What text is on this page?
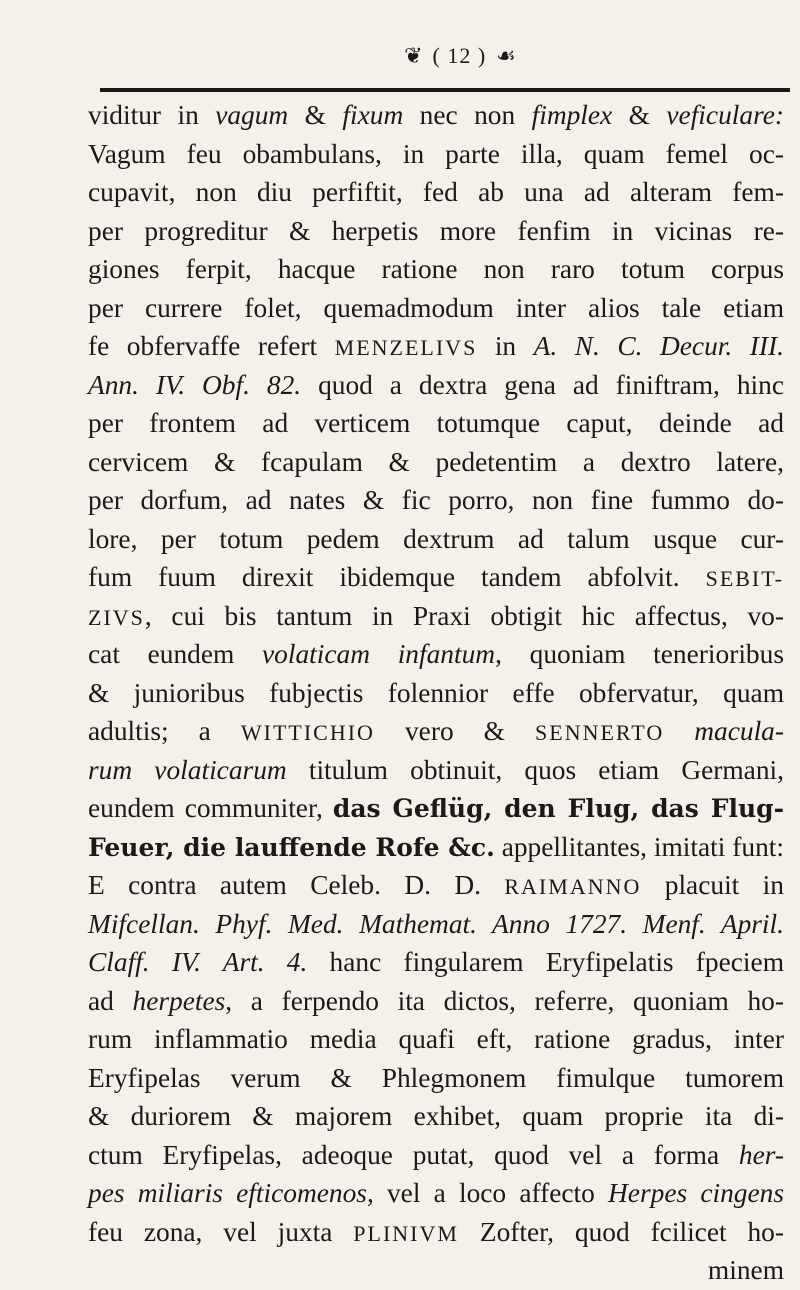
❦ ( 12 ) ☙
viditur in vagum & fixum nec non fimplex & veficulare:
Vagum feu obambulans, in parte illa, quam femel oc-
cupavit, non diu perfiftit, fed ab una ad alteram fem-
per progreditur & herpetis more fenfim in vicinas re-
giones ferpit, hacque ratione non raro totum corpus
per currere folet, quemadmodum inter alios tale etiam
fe obfervaffe refert MENZELIVS in A. N. C. Decur. III.
Ann. IV. Obf. 82. quod a dextra gena ad finiftram, hinc
per frontem ad verticem totumque caput, deinde ad
cervicem & fcapulam & pedetentim a dextro latere,
per dorfum, ad nates & fic porro, non fine fummo do-
lore, per totum pedem dextrum ad talum usque cur-
fum fuum direxit ibidemque tandem abfolvit. SEBIT-
ZIVS, cui bis tantum in Praxi obtigit hic affectus, vo-
cat eundem volaticam infantum, quoniam tenerioribus
& junioribus fubjectis folennior effe obfervatur, quam
adultis; a WITTICHIO vero & SENNERTO macula-
rum volaticarum titulum obtinuit, quos etiam Germani,
eundem communiter, das Geflüg, den Flug, das Flug-
Feuer, die lauffende Rofe &c. appellitantes, imitati funt:
E contra autem Celeb. D. D. RAIMANNO placuit in
Mifcellan. Phyf. Med. Mathemat. Anno 1727. Menf. April.
Claff. IV. Art. 4. hanc fingularem Eryfipelatis fpeciem
ad herpetes, a ferpendo ita dictos, referre, quoniam ho-
rum inflammatio media quafi eft, ratione gradus, inter
Eryfipelas verum & Phlegmonem fimulque tumorem
& duriorem & majorem exhibet, quam proprie ita di-
ctum Eryfipelas, adeoque putat, quod vel a forma her-
pes miliaris efticomenos, vel a loco affecto Herpes cingens
feu zona, vel juxta PLINIVM Zofter, quod fcilicet ho-
minem
